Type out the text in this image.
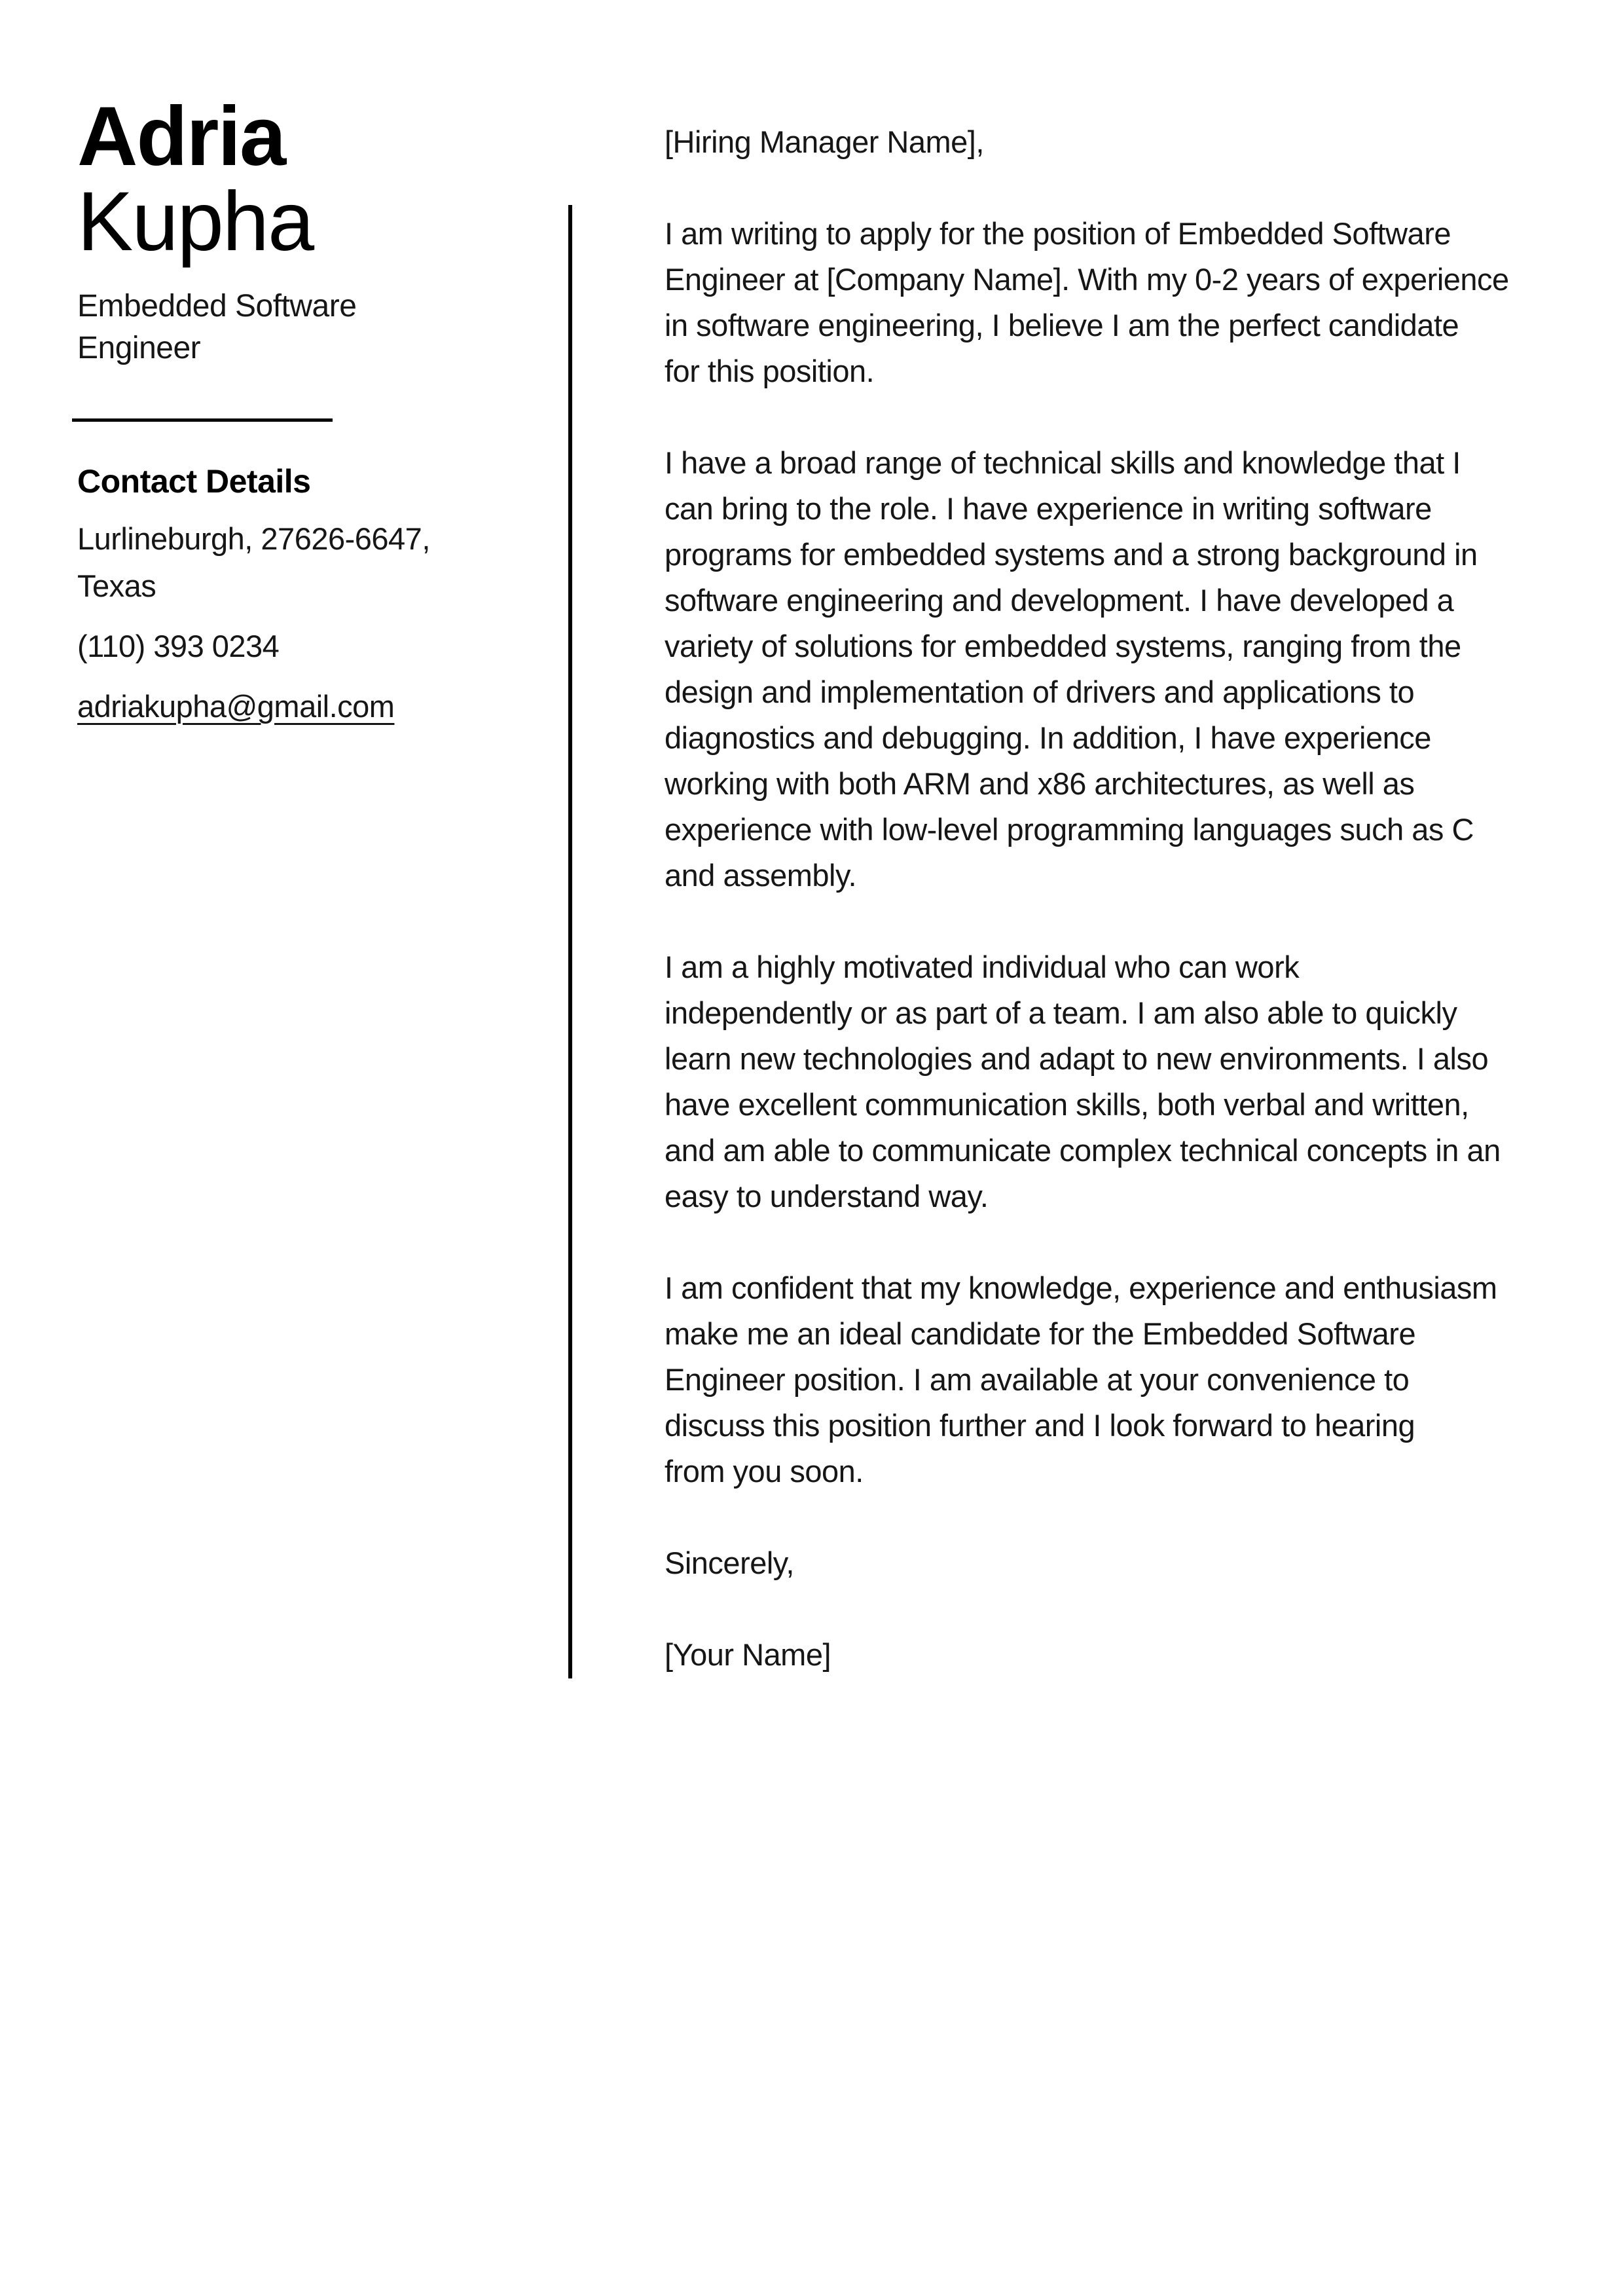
Adria
Kupha
Embedded Software
Engineer
Contact Details

Lurlineburgh, 27626-6647,
Texas

(110) 393 0234

adriakupha@gmail.com

[Hiring Manager Name],

I am writing to apply for the position of Embedded Software
Engineer at [Company Name]. With my 0-2 years of experience
in software engineering, I believe I am the perfect candidate
for this position.

I have a broad range of technical skills and knowledge that I
can bring to the role. I have experience in writing software
programs for embedded systems and a strong background in
software engineering and development. I have developed a
variety of solutions for embedded systems, ranging from the
design and implementation of drivers and applications to
diagnostics and debugging. In addition, I have experience
working with both ARM and x86 architectures, as well as
experience with low-level programming languages such as C
and assembly.

I am a highly motivated individual who can work
independently or as part of a team. I am also able to quickly
learn new technologies and adapt to new environments. I also
have excellent communication skills, both verbal and written,
and am able to communicate complex technical concepts in an
easy to understand way.

I am confident that my knowledge, experience and enthusiasm
make me an ideal candidate for the Embedded Software
Engineer position. I am available at your convenience to
discuss this position further and I look forward to hearing
from you soon.

Sincerely,

[Your Name]
